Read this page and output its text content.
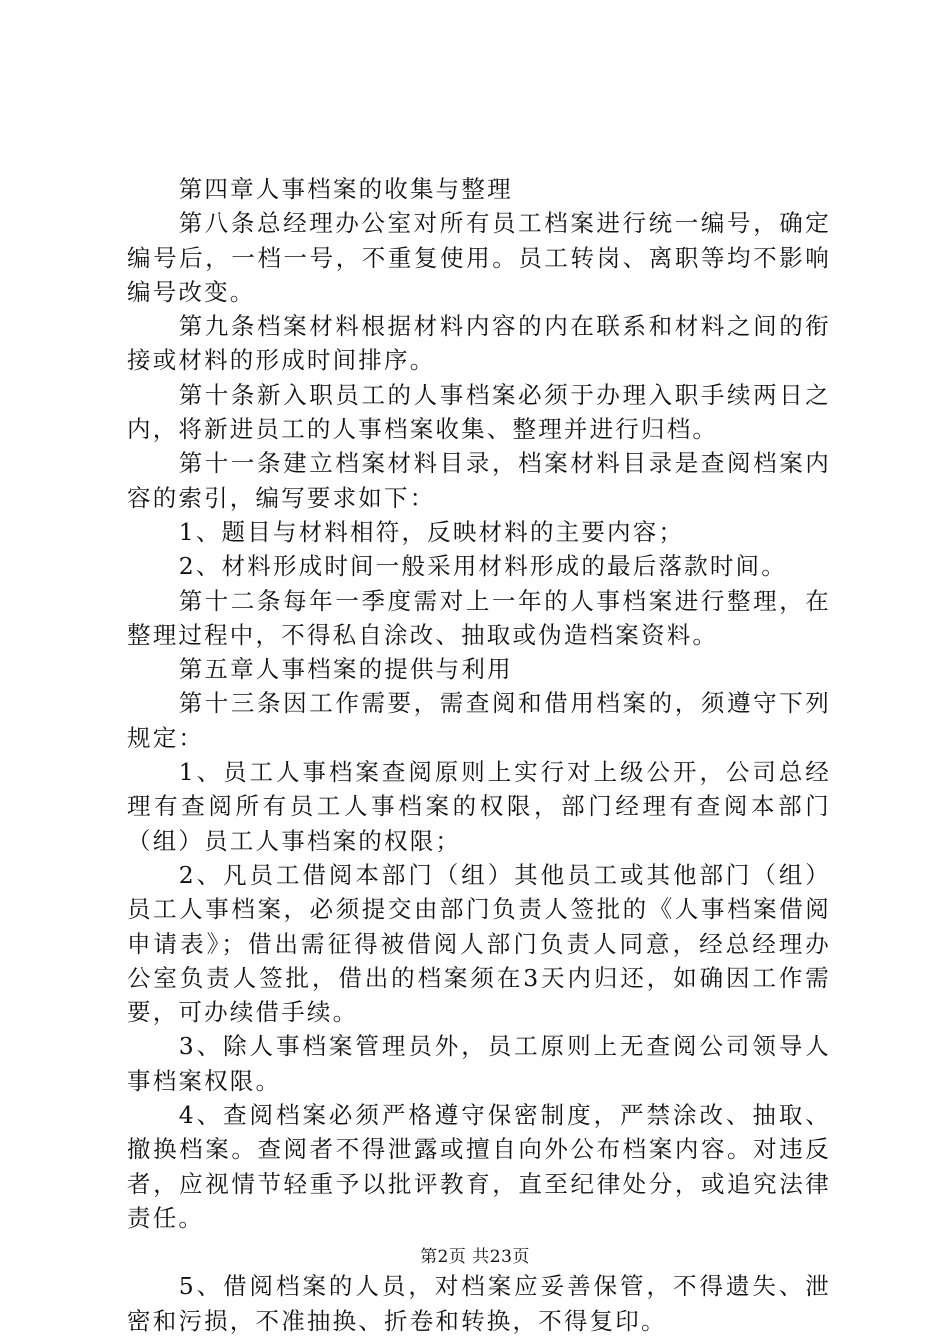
第四章人事档案的收集与整理

第八条总经理办公室对所有员工档案进行统一编号，确定编号后，一档一号，不重复使用。员工转岗、离职等均不影响编号改变。

第九条档案材料根据材料内容的内在联系和材料之间的衔接或材料的形成时间排序。

第十条新入职员工的人事档案必须于办理入职手续两日之内，将新进员工的人事档案收集、整理并进行归档。

第十一条建立档案材料目录，档案材料目录是查阅档案内容的索引，编写要求如下：

1、题目与材料相符，反映材料的主要内容；

2、材料形成时间一般采用材料形成的最后落款时间。

第十二条每年一季度需对上一年的人事档案进行整理，在整理过程中，不得私自涂改、抽取或伪造档案资料。

第五章人事档案的提供与利用

第十三条因工作需要，需查阅和借用档案的，须遵守下列规定：

1、员工人事档案查阅原则上实行对上级公开，公司总经理有查阅所有员工人事档案的权限，部门经理有查阅本部门（组）员工人事档案的权限；

2、凡员工借阅本部门（组）其他员工或其他部门（组）员工人事档案，必须提交由部门负责人签批的《人事档案借阅申请表》；借出需征得被借阅人部门负责人同意，经总经理办公室负责人签批，借出的档案须在3天内归还，如确因工作需要，可办续借手续。

3、除人事档案管理员外，员工原则上无查阅公司领导人事档案权限。

4、查阅档案必须严格遵守保密制度，严禁涂改、抽取、撤换档案。查阅者不得泄露或擅自向外公布档案内容。对违反者，应视情节轻重予以批评教育，直至纪律处分，或追究法律责任。

5、借阅档案的人员，对档案应妥善保管，不得遗失、泄密和污损，不准抽换、折卷和转换，不得复印。

第2页 共23页
